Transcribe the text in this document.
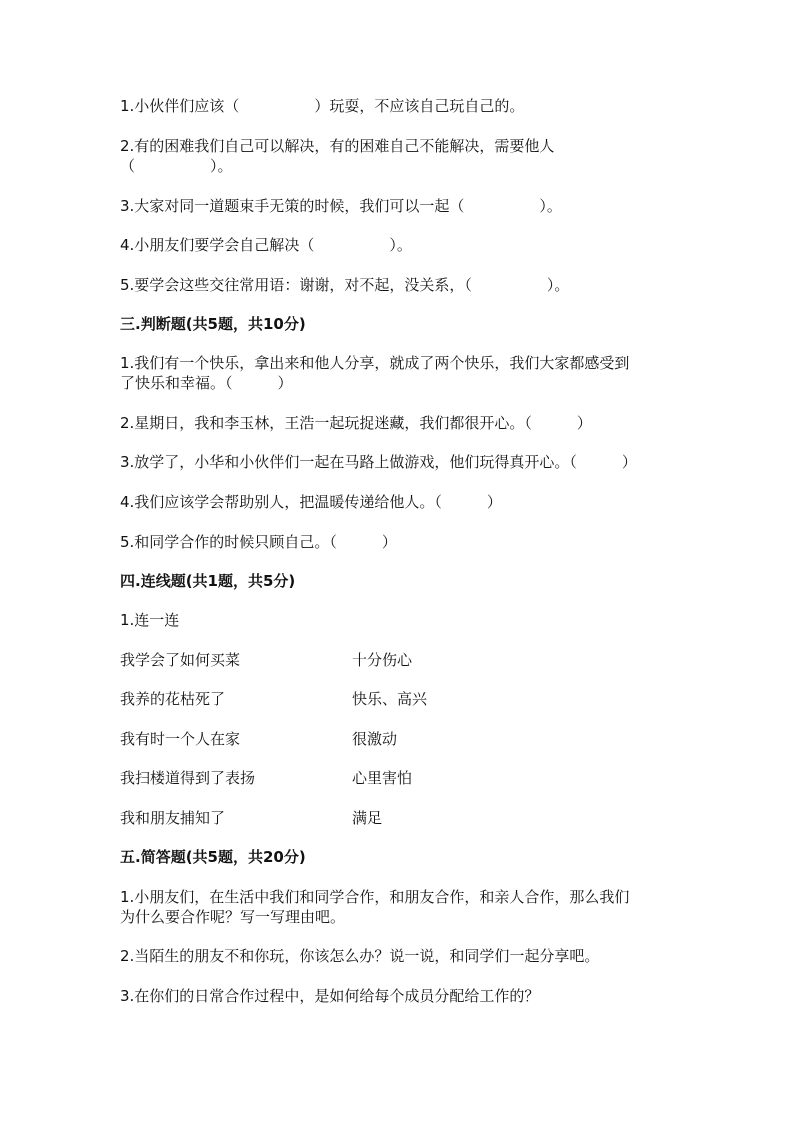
1.小伙伴们应该（　　　　　）玩耍，不应该自己玩自己的。
2.有的困难我们自己可以解决，有的困难自己不能解决，需要他人
（　　　　　）。
3.大家对同一道题束手无策的时候，我们可以一起（　　　　　）。
4.小朋友们要学会自己解决（　　　　　）。
5.要学会这些交往常用语：谢谢，对不起，没关系，（　　　　　）。
三.判断题(共5题，共10分)
1.我们有一个快乐，拿出来和他人分享，就成了两个快乐，我们大家都感受到
了快乐和幸福。（　　　）
2.星期日，我和李玉林，王浩一起玩捉迷藏，我们都很开心。（　　　）
3.放学了，小华和小伙伴们一起在马路上做游戏，他们玩得真开心。（　　　）
4.我们应该学会帮助别人，把温暖传递给他人。（　　　）
5.和同学合作的时候只顾自己。（　　　）
四.连线题(共1题，共5分)
1.连一连
我学会了如何买菜	十分伤心
我养的花枯死了	快乐、高兴
我有时一个人在家	很激动
我扫楼道得到了表扬	心里害怕
我和朋友捕知了	满足
五.简答题(共5题，共20分)
1.小朋友们，在生活中我们和同学合作，和朋友合作，和亲人合作，那么我们
为什么要合作呢？写一写理由吧。
2.当陌生的朋友不和你玩，你该怎么办？说一说，和同学们一起分享吧。
3.在你们的日常合作过程中，是如何给每个成员分配给工作的？
